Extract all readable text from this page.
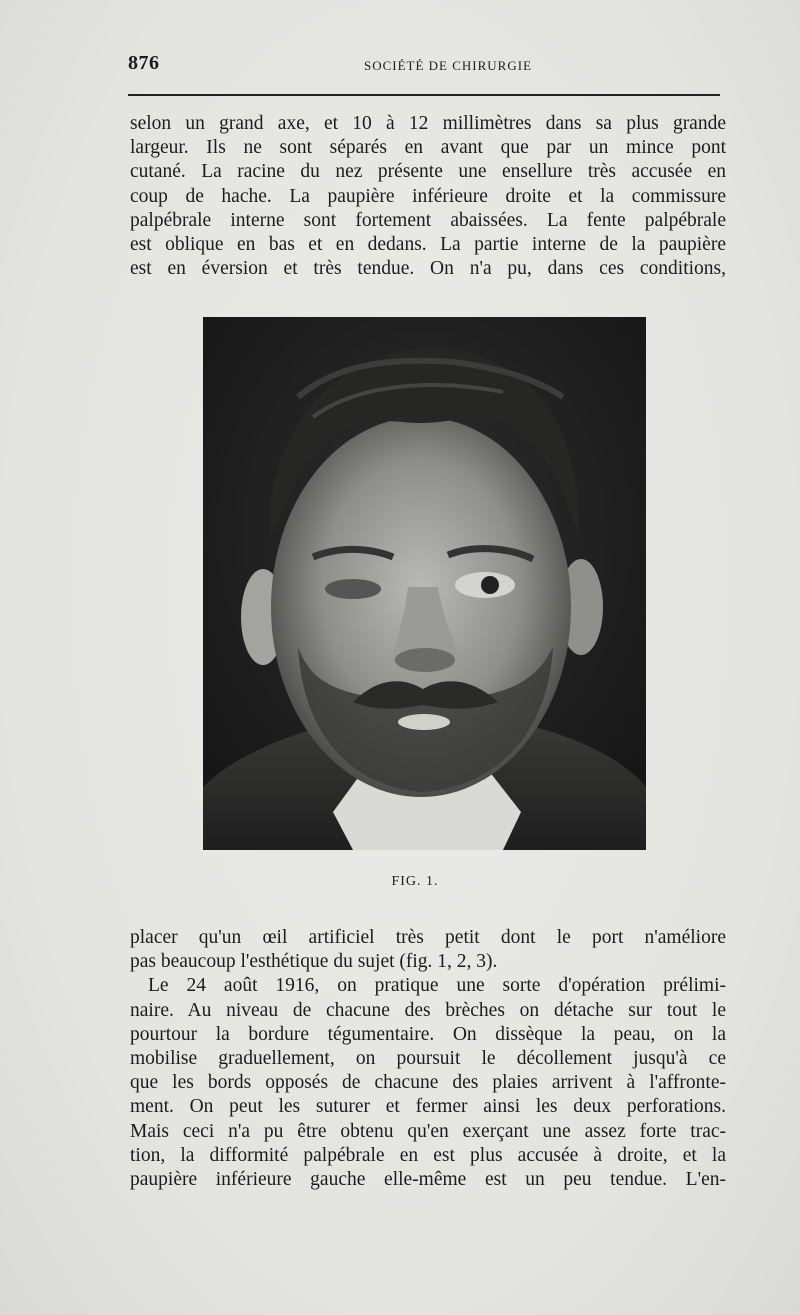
876	SOCIÉTÉ DE CHIRURGIE
selon un grand axe, et 10 à 12 millimètres dans sa plus grande
largeur. Ils ne sont séparés en avant que par un mince pont
cutané. La racine du nez présente une ensellure très accusée en
coup de hache. La paupière inférieure droite et la commissure
palpébrale interne sont fortement abaissées. La fente palpébrale
est oblique en bas et en dedans. La partie interne de la paupière
est en éversion et très tendue. On n'a pu, dans ces conditions,
FIG. 1.
placer qu'un œil artificiel très petit dont le port n'améliore
pas beaucoup l'esthétique du sujet (fig. 1, 2, 3).
Le 24 août 1916, on pratique une sorte d'opération prélimi-
naire. Au niveau de chacune des brèches on détache sur tout le
pourtour la bordure tégumentaire. On dissèque la peau, on la
mobilise graduellement, on poursuit le décollement jusqu'à ce
que les bords opposés de chacune des plaies arrivent à l'affronte-
ment. On peut les suturer et fermer ainsi les deux perforations.
Mais ceci n'a pu être obtenu qu'en exerçant une assez forte trac-
tion, la difformité palpébrale en est plus accusée à droite, et la
paupière inférieure gauche elle-même est un peu tendue. L'en-
